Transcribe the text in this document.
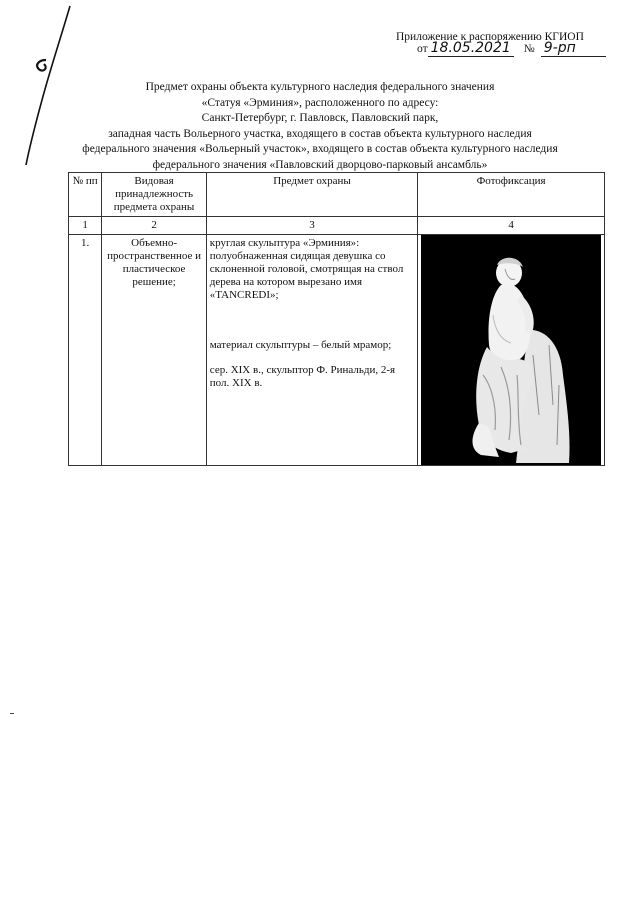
Приложение к распоряжению КГИОП
от 18.05.2021 № 9-рп
Предмет охраны объекта культурного наследия федерального значения
«Статуя «Эрминия», расположенного по адресу:
Санкт-Петербург, г. Павловск, Павловский парк,
западная часть Вольерного участка, входящего в состав объекта культурного наследия
федерального значения «Вольерный участок», входящего в состав объекта культурного наследия
федерального значения «Павловский дворцово-парковый ансамбль»
№ пп	Видовая принадлежность предмета охраны	Предмет охраны	Фотофиксация
1	2	3	4
1.	Объемно-пространственное и пластическое решение;	круглая скульптура «Эрминия»: полуобнаженная сидящая девушка со склоненной головой, смотрящая на ствол дерева на котором вырезано имя «TANCREDI»;

материал скульптуры – белый мрамор;

сер. XIX в., скульптор Ф. Ринальди, 2-я пол. XIX в.
